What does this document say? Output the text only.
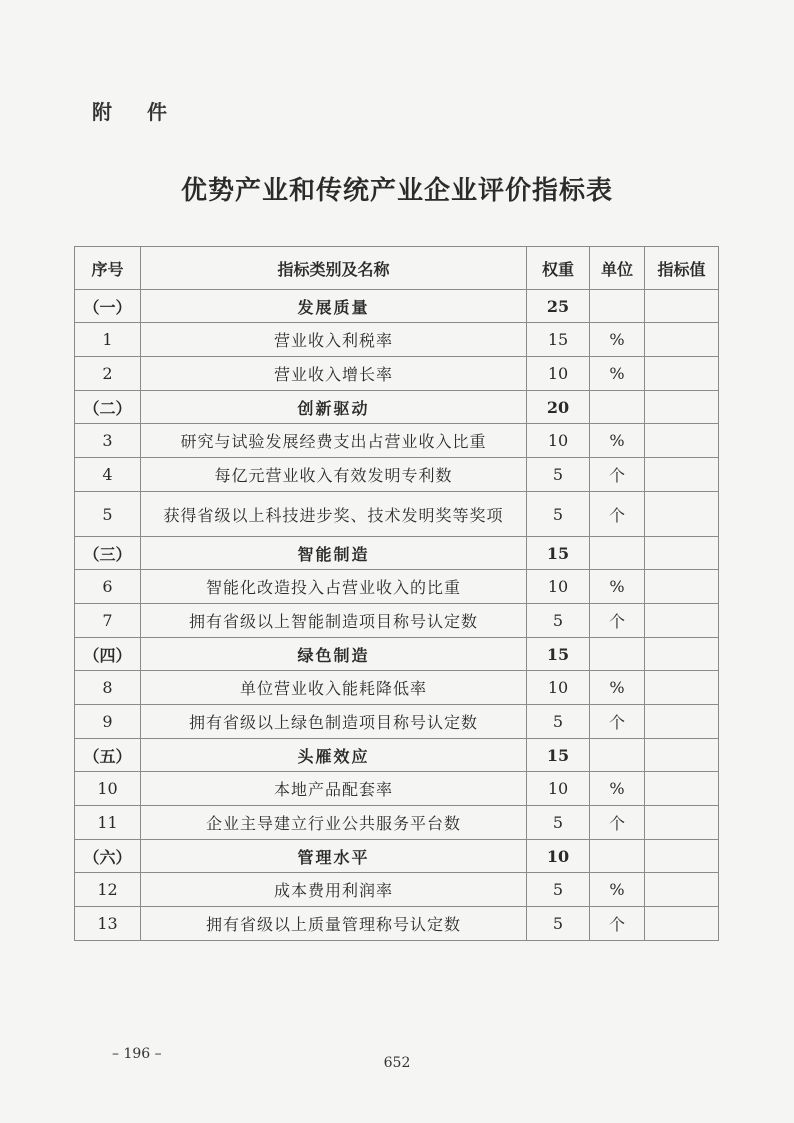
附 件
优势产业和传统产业企业评价指标表
序号	指标类别及名称	权重	单位	指标值
（一）	发展质量	25		
1	营业收入利税率	15	%	
2	营业收入增长率	10	%	
（二）	创新驱动	20		
3	研究与试验发展经费支出占营业收入比重	10	%	
4	每亿元营业收入有效发明专利数	5	个	
5	获得省级以上科技进步奖、技术发明奖等奖项	5	个	
（三）	智能制造	15		
6	智能化改造投入占营业收入的比重	10	%	
7	拥有省级以上智能制造项目称号认定数	5	个	
（四）	绿色制造	15		
8	单位营业收入能耗降低率	10	%	
9	拥有省级以上绿色制造项目称号认定数	5	个	
（五）	头雁效应	15		
10	本地产品配套率	10	%	
11	企业主导建立行业公共服务平台数	5	个	
（六）	管理水平	10		
12	成本费用利润率	5	%	
13	拥有省级以上质量管理称号认定数	5	个	
– 196 –
652
